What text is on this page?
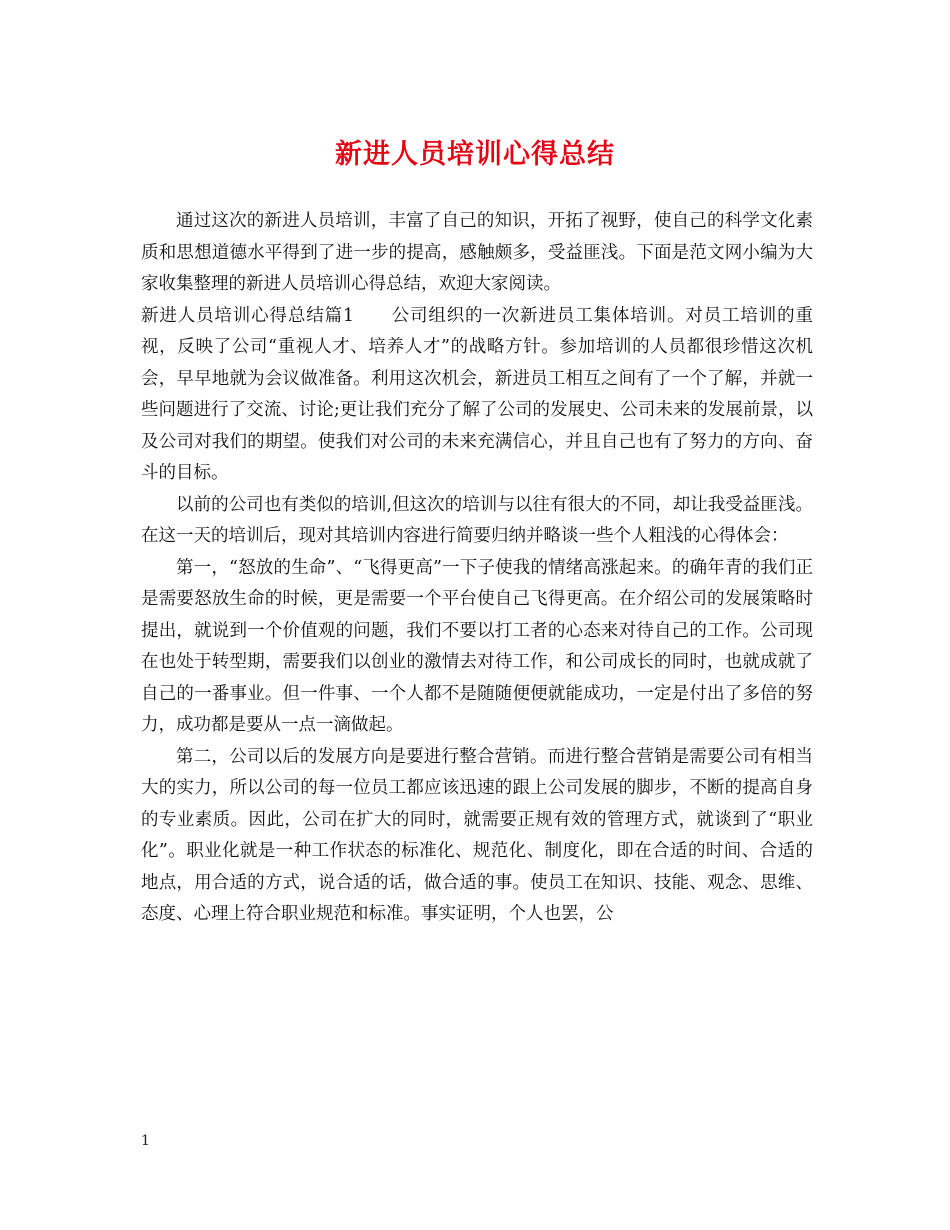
新进人员培训心得总结

通过这次的新进人员培训，丰富了自己的知识，开拓了视野，使自己的科学文化素质和思想道德水平得到了进一步的提高，感触颇多，受益匪浅。下面是范文网小编为大家收集整理的新进人员培训心得总结，欢迎大家阅读。

新进人员培训心得总结篇1　　公司组织的一次新进员工集体培训。对员工培训的重视，反映了公司“重视人才、培养人才”的战略方针。参加培训的人员都很珍惜这次机会，早早地就为会议做准备。利用这次机会，新进员工相互之间有了一个了解，并就一些问题进行了交流、讨论;更让我们充分了解了公司的发展史、公司未来的发展前景，以及公司对我们的期望。使我们对公司的未来充满信心，并且自己也有了努力的方向、奋斗的目标。

以前的公司也有类似的培训,但这次的培训与以往有很大的不同，却让我受益匪浅。在这一天的培训后，现对其培训内容进行简要归纳并略谈一些个人粗浅的心得体会：

第一，“怒放的生命”、“飞得更高”一下子使我的情绪高涨起来。的确年青的我们正是需要怒放生命的时候，更是需要一个平台使自己飞得更高。在介绍公司的发展策略时提出，就说到一个价值观的问题，我们不要以打工者的心态来对待自己的工作。公司现在也处于转型期，需要我们以创业的激情去对待工作，和公司成长的同时，也就成就了自己的一番事业。但一件事、一个人都不是随随便便就能成功，一定是付出了多倍的努力，成功都是要从一点一滴做起。

第二，公司以后的发展方向是要进行整合营销。而进行整合营销是需要公司有相当大的实力，所以公司的每一位员工都应该迅速的跟上公司发展的脚步，不断的提高自身的专业素质。因此，公司在扩大的同时，就需要正规有效的管理方式，就谈到了“职业化”。职业化就是一种工作状态的标准化、规范化、制度化，即在合适的时间、合适的地点，用合适的方式，说合适的话，做合适的事。使员工在知识、技能、观念、思维、态度、心理上符合职业规范和标准。事实证明，个人也罢，公

1
